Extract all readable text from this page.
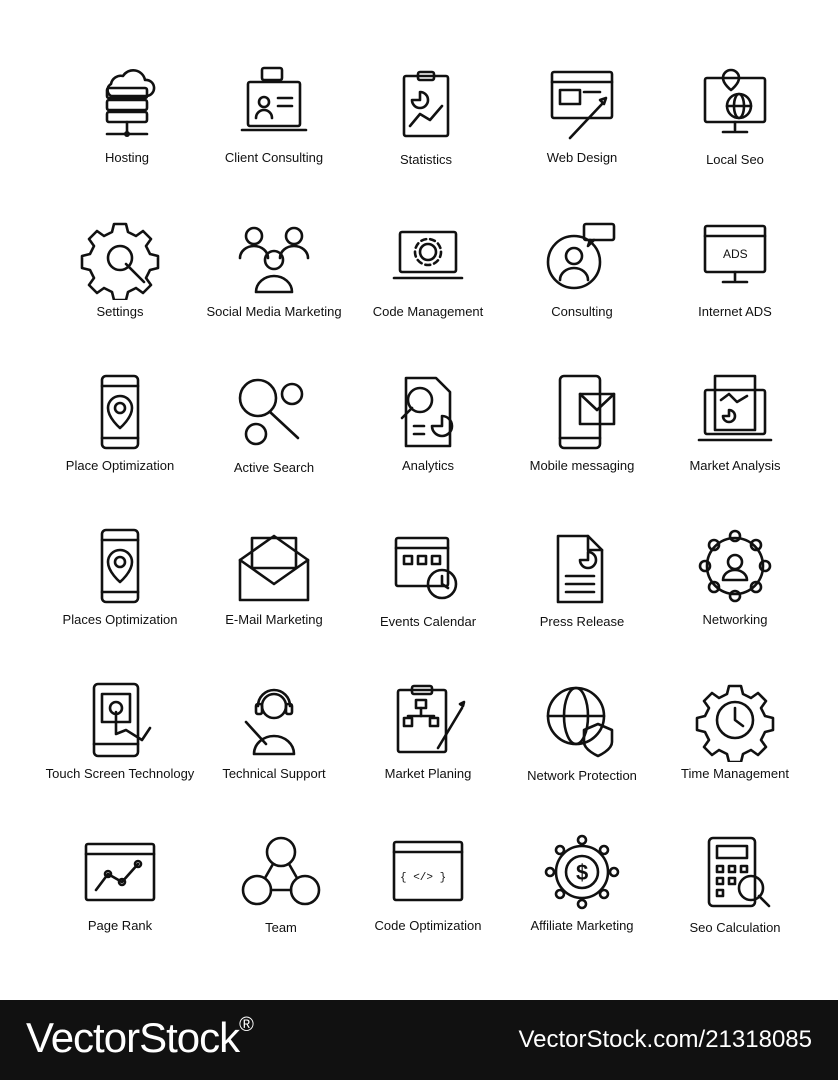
Hosting	Client Consulting	Statistics	Web Design	Local Seo
Settings	Social Media Marketing	Code Management	Consulting
ADS
Internet ADS
Place Optimization	Active Search	Analytics	Mobile messaging	Market Analysis
Places Optimization	E-Mail Marketing	Events Calendar	Press Release	Networking
Touch Screen Technology	Technical Support	Market Planing	Network Protection	Time Management
Page Rank	Team
{ </> }
Code Optimization
$
Affiliate Marketing	Seo Calculation
VectorStock®
VectorStock.com/21318085
